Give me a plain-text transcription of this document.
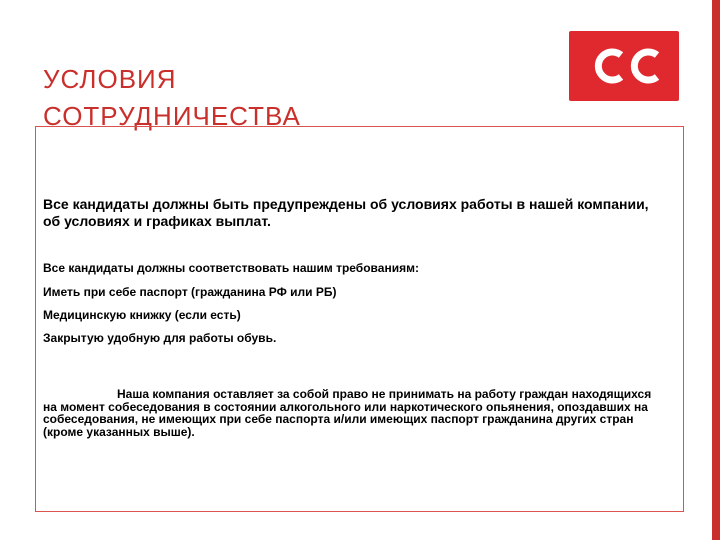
УСЛОВИЯ
СОТРУДНИЧЕСТВА

Все кандидаты должны быть предупреждены об условиях работы в нашей компании, об условиях и графиках выплат.

Все кандидаты должны соответствовать нашим требованиям:

Иметь при себе паспорт (гражданина РФ или РБ)

Медицинскую книжку (если есть)

Закрытую удобную для работы обувь.

Наша компания оставляет за собой право не принимать на работу граждан находящихся на момент собеседования в состоянии алкогольного или наркотического опьянения, опоздавших на собеседования, не имеющих при себе паспорта и/или имеющих паспорт гражданина других стран (кроме указанных выше).
